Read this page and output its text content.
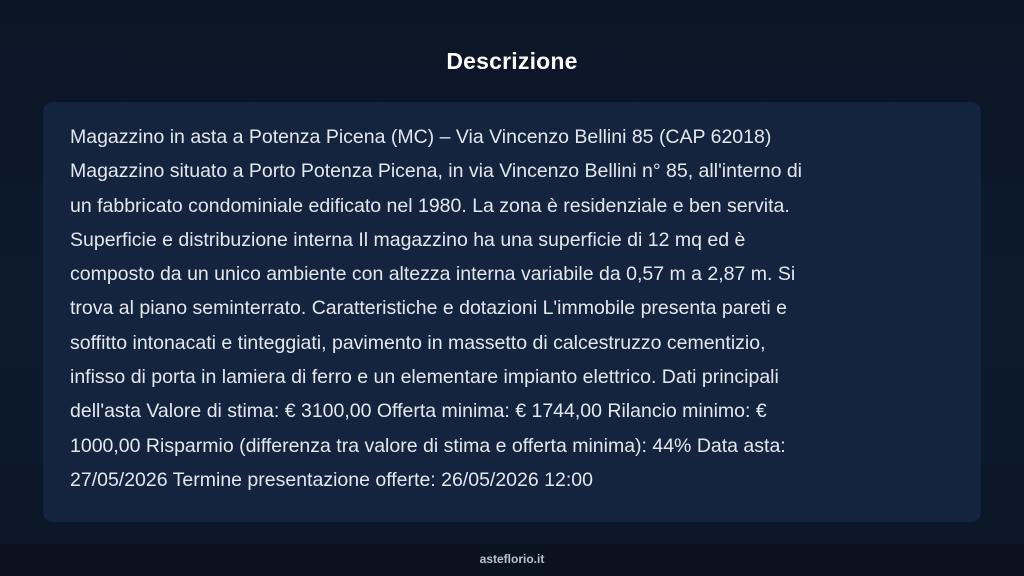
Descrizione

Magazzino in asta a Potenza Picena (MC) – Via Vincenzo Bellini 85 (CAP 62018)
Magazzino situato a Porto Potenza Picena, in via Vincenzo Bellini n° 85, all'interno di
un fabbricato condominiale edificato nel 1980. La zona è residenziale e ben servita.
Superficie e distribuzione interna Il magazzino ha una superficie di 12 mq ed è
composto da un unico ambiente con altezza interna variabile da 0,57 m a 2,87 m. Si
trova al piano seminterrato. Caratteristiche e dotazioni L'immobile presenta pareti e
soffitto intonacati e tinteggiati, pavimento in massetto di calcestruzzo cementizio,
infisso di porta in lamiera di ferro e un elementare impianto elettrico. Dati principali
dell'asta Valore di stima: € 3100,00 Offerta minima: € 1744,00 Rilancio minimo: €
1000,00 Risparmio (differenza tra valore di stima e offerta minima): 44% Data asta:
27/05/2026 Termine presentazione offerte: 26/05/2026 12:00

asteflorio.it
